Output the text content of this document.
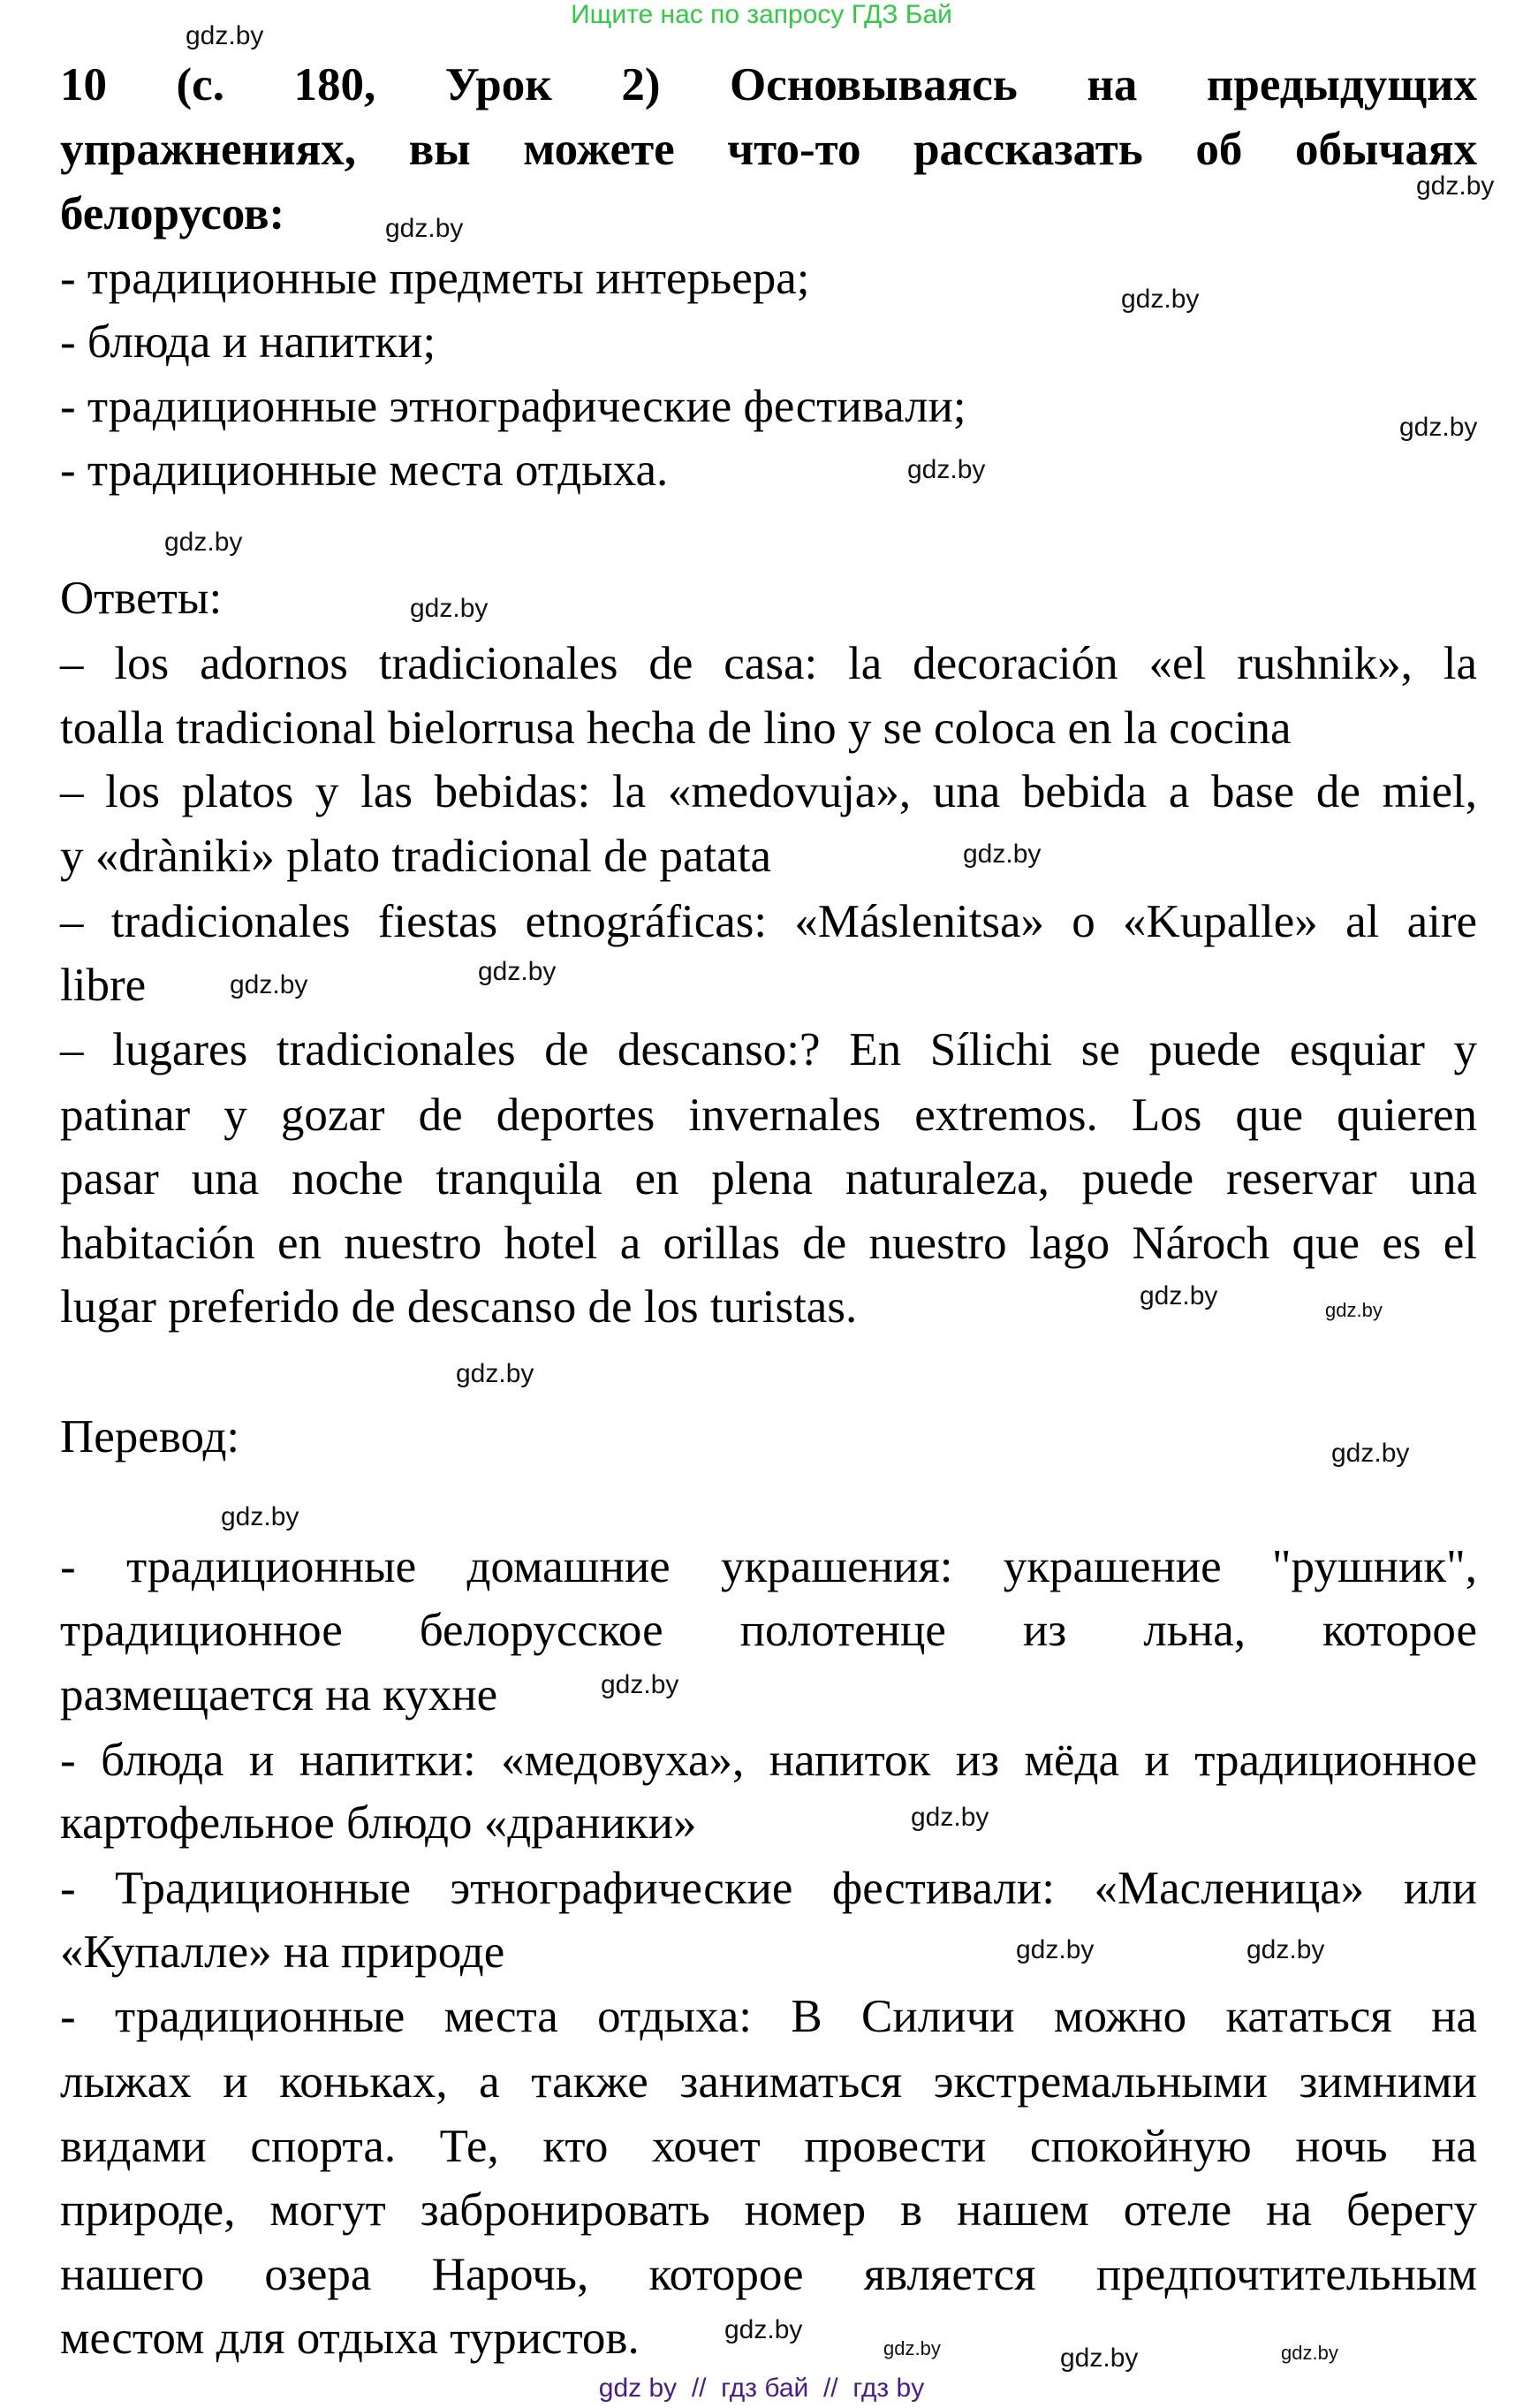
Ищите нас по запросу ГДЗ Бай
10 (с. 180, Урок 2) Основываясь на предыдущих
упражнениях, вы можете что-то рассказать об обычаях
белорусов:
- традиционные предметы интерьера;
- блюда и напитки;
- традиционные этнографические фестивали;
- традиционные места отдыха.
Ответы:
– los adornos tradicionales de casa: la decoración «el rushnik», la
toalla tradicional bielorrusa hecha de lino y se coloca en la cocina
– los platos y las bebidas: la «medovuja», una bebida a base de miel,
y «dràniki» plato tradicional de patata
– tradicionales fiestas etnográficas: «Máslenitsa» o «Kupalle» al aire
libre
– lugares tradicionales de descanso:? En Sílichi se puede esquiar y
patinar y gozar de deportes invernales extremos. Los que quieren
pasar una noche tranquila en plena naturaleza, puede reservar una
habitación en nuestro hotel a orillas de nuestro lago Nároch que es el
lugar preferido de descanso de los turistas.
Перевод:
- традиционные домашние украшения: украшение "рушник",
традиционное белорусское полотенце из льна, которое
размещается на кухне
- блюда и напитки: «медовуха», напиток из мёда и традиционное
картофельное блюдо «драники»
- Традиционные этнографические фестивали: «Масленица» или
«Купалле» на природе
- традиционные места отдыха: В Силичи можно кататься на
лыжах и коньках, а также заниматься экстремальными зимними
видами спорта. Те, кто хочет провести спокойную ночь на
природе, могут забронировать номер в нашем отеле на берегу
нашего озера Нарочь, которое является предпочтительным
местом для отдыха туристов.
gdz.by
gdz.by
gdz.by
gdz.by
gdz.by
gdz.by
gdz.by
gdz.by
gdz.by
gdz.by
gdz.by
gdz.by
gdz.by
gdz.by
gdz.by
gdz.by
gdz.by
gdz.by
gdz.by
gdz.by
gdz.by	gdz.by
gdz.by
gdz.by
gdz by  //  гдз бай  //  гдз by
